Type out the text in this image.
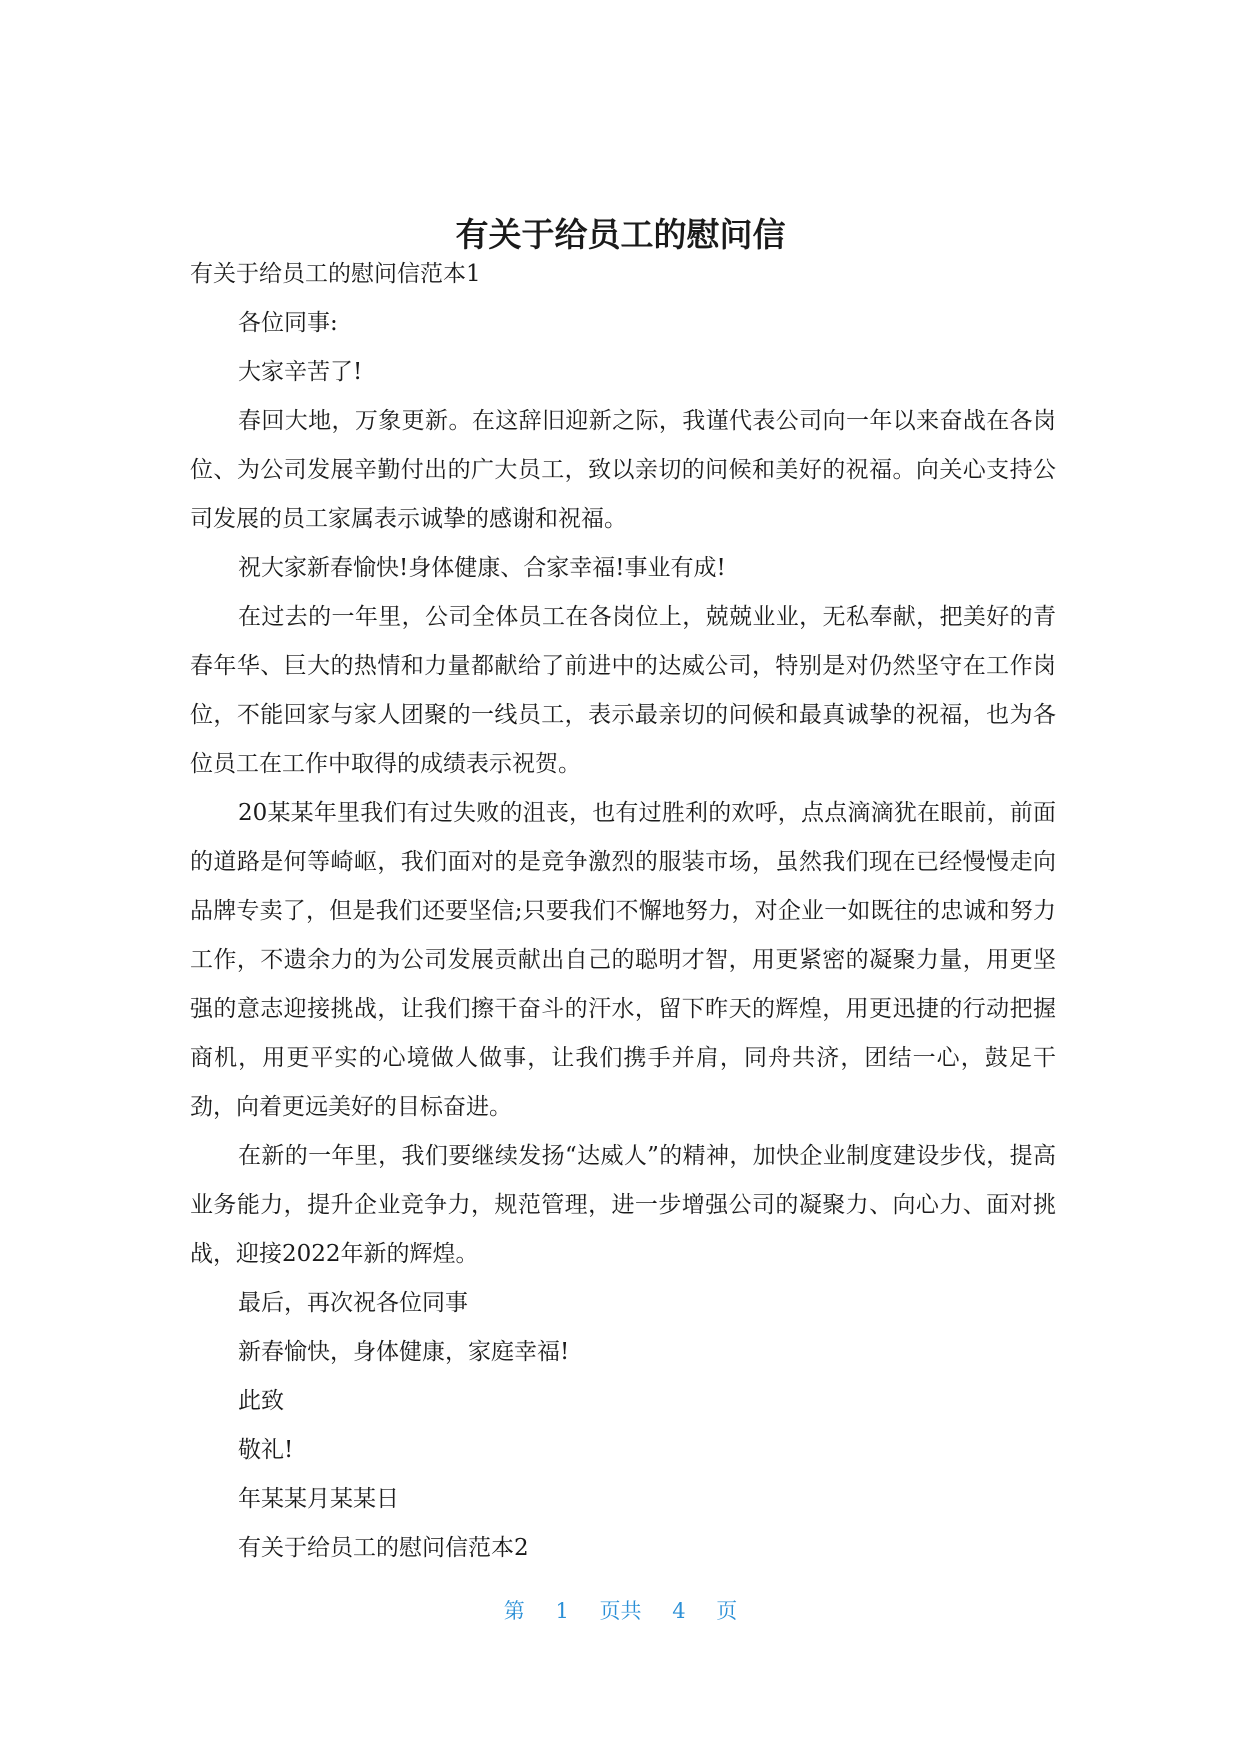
有关于给员工的慰问信

有关于给员工的慰问信范本1

各位同事:

大家辛苦了!

春回大地，万象更新。在这辞旧迎新之际，我谨代表公司向一年以来奋战在各岗位、为公司发展辛勤付出的广大员工，致以亲切的问候和美好的祝福。向关心支持公司发展的员工家属表示诚挚的感谢和祝福。

祝大家新春愉快!身体健康、合家幸福!事业有成!

在过去的一年里，公司全体员工在各岗位上，兢兢业业，无私奉献，把美好的青春年华、巨大的热情和力量都献给了前进中的达威公司，特别是对仍然坚守在工作岗位，不能回家与家人团聚的一线员工，表示最亲切的问候和最真诚挚的祝福，也为各位员工在工作中取得的成绩表示祝贺。

20某某年里我们有过失败的沮丧，也有过胜利的欢呼，点点滴滴犹在眼前，前面的道路是何等崎岖，我们面对的是竞争激烈的服装市场，虽然我们现在已经慢慢走向品牌专卖了，但是我们还要坚信;只要我们不懈地努力，对企业一如既往的忠诚和努力工作，不遗余力的为公司发展贡献出自己的聪明才智，用更紧密的凝聚力量，用更坚强的意志迎接挑战，让我们擦干奋斗的汗水，留下昨天的辉煌，用更迅捷的行动把握商机，用更平实的心境做人做事，让我们携手并肩，同舟共济，团结一心，鼓足干劲，向着更远美好的目标奋进。

在新的一年里，我们要继续发扬“达威人”的精神，加快企业制度建设步伐，提高业务能力，提升企业竞争力，规范管理，进一步增强公司的凝聚力、向心力、面对挑战，迎接2022年新的辉煌。

最后，再次祝各位同事

新春愉快，身体健康，家庭幸福!

此致

敬礼!

年某某月某某日

有关于给员工的慰问信范本2

第 1 页共 4 页
